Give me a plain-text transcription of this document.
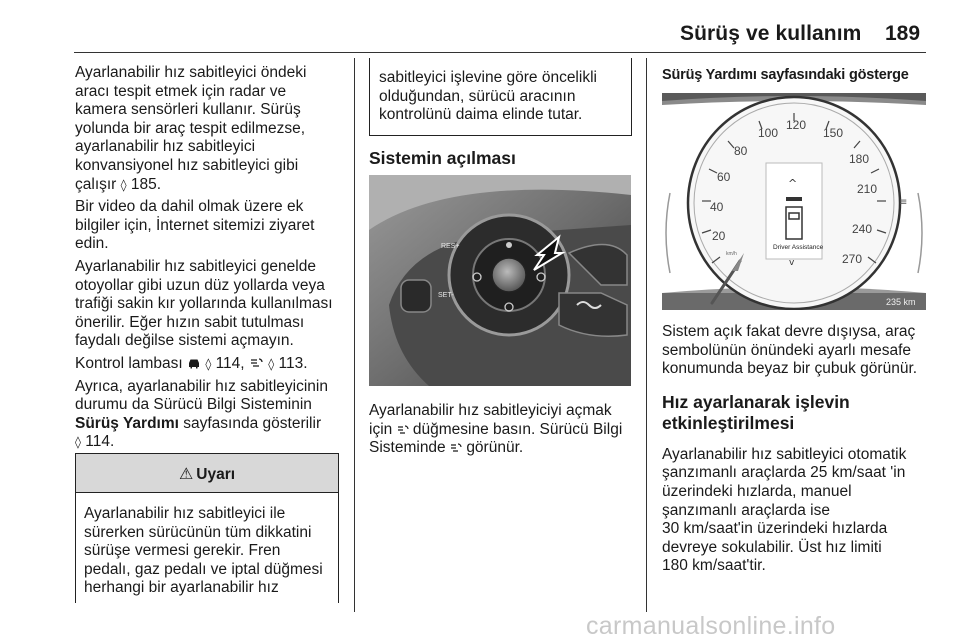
Sürüş ve kullanım 189

Ayarlanabilir hız sabitleyici öndeki
aracı tespit etmek için radar ve
kamera sensörleri kullanır. Sürüş
yolunda bir araç tespit edilmezse,
ayarlanabilir hız sabitleyici
konvansiyonel hız sabitleyici gibi
çalışır ◊ 185.

Bir video da dahil olmak üzere ek
bilgiler için, İnternet sitemizi ziyaret
edin.

Ayarlanabilir hız sabitleyici genelde
otoyollar gibi uzun düz yollarda veya
trafiği sakin kır yollarında kullanılması
önerilir. Eğer hızın sabit tutulması
faydalı değilse sistemi açmayın.

Kontrol lambası ◊ 114, ◊ 113.

Ayrıca, ayarlanabilir hız sabitleyicinin
durumu da Sürücü Bilgi Sisteminin
Sürüş Yardımı sayfasında gösterilir
◊ 114.

⚠ Uyarı
Ayarlanabilir hız sabitleyici ile
sürerken sürücünün tüm dikkatini
sürüşe vermesi gerekir. Fren
pedalı, gaz pedalı ve iptal düğmesi
herhangi bir ayarlanabilir hız
sabitleyici işlevine göre öncelikli
olduğundan, sürücü aracının
kontrolünü daima elinde tutar.
Sistemin açılması
RES+
SET-

Ayarlanabilir hız sabitleyiciyi açmak
için düğmesine basın. Sürücü Bilgi
Sisteminde görünür.

Sürüş Yardımı sayfasındaki gösterge
20
40
60
80
100
120
150
180
210
240
270
km/h
^
Driver Assistance
v
235 km
≡

Sistem açık fakat devre dışıysa, araç
sembolünün önündeki ayarlı mesafe
konumunda beyaz bir çubuk görünür.

Hız ayarlanarak işlevin
etkinleştirilmesi

Ayarlanabilir hız sabitleyici otomatik
şanzımanlı araçlarda 25 km/saat 'in
üzerindeki hızlarda, manuel
şanzımanlı araçlarda ise
30 km/saat'in üzerindeki hızlarda
devreye sokulabilir. Üst hız limiti
180 km/saat'tir.

carmanualsonline.info
